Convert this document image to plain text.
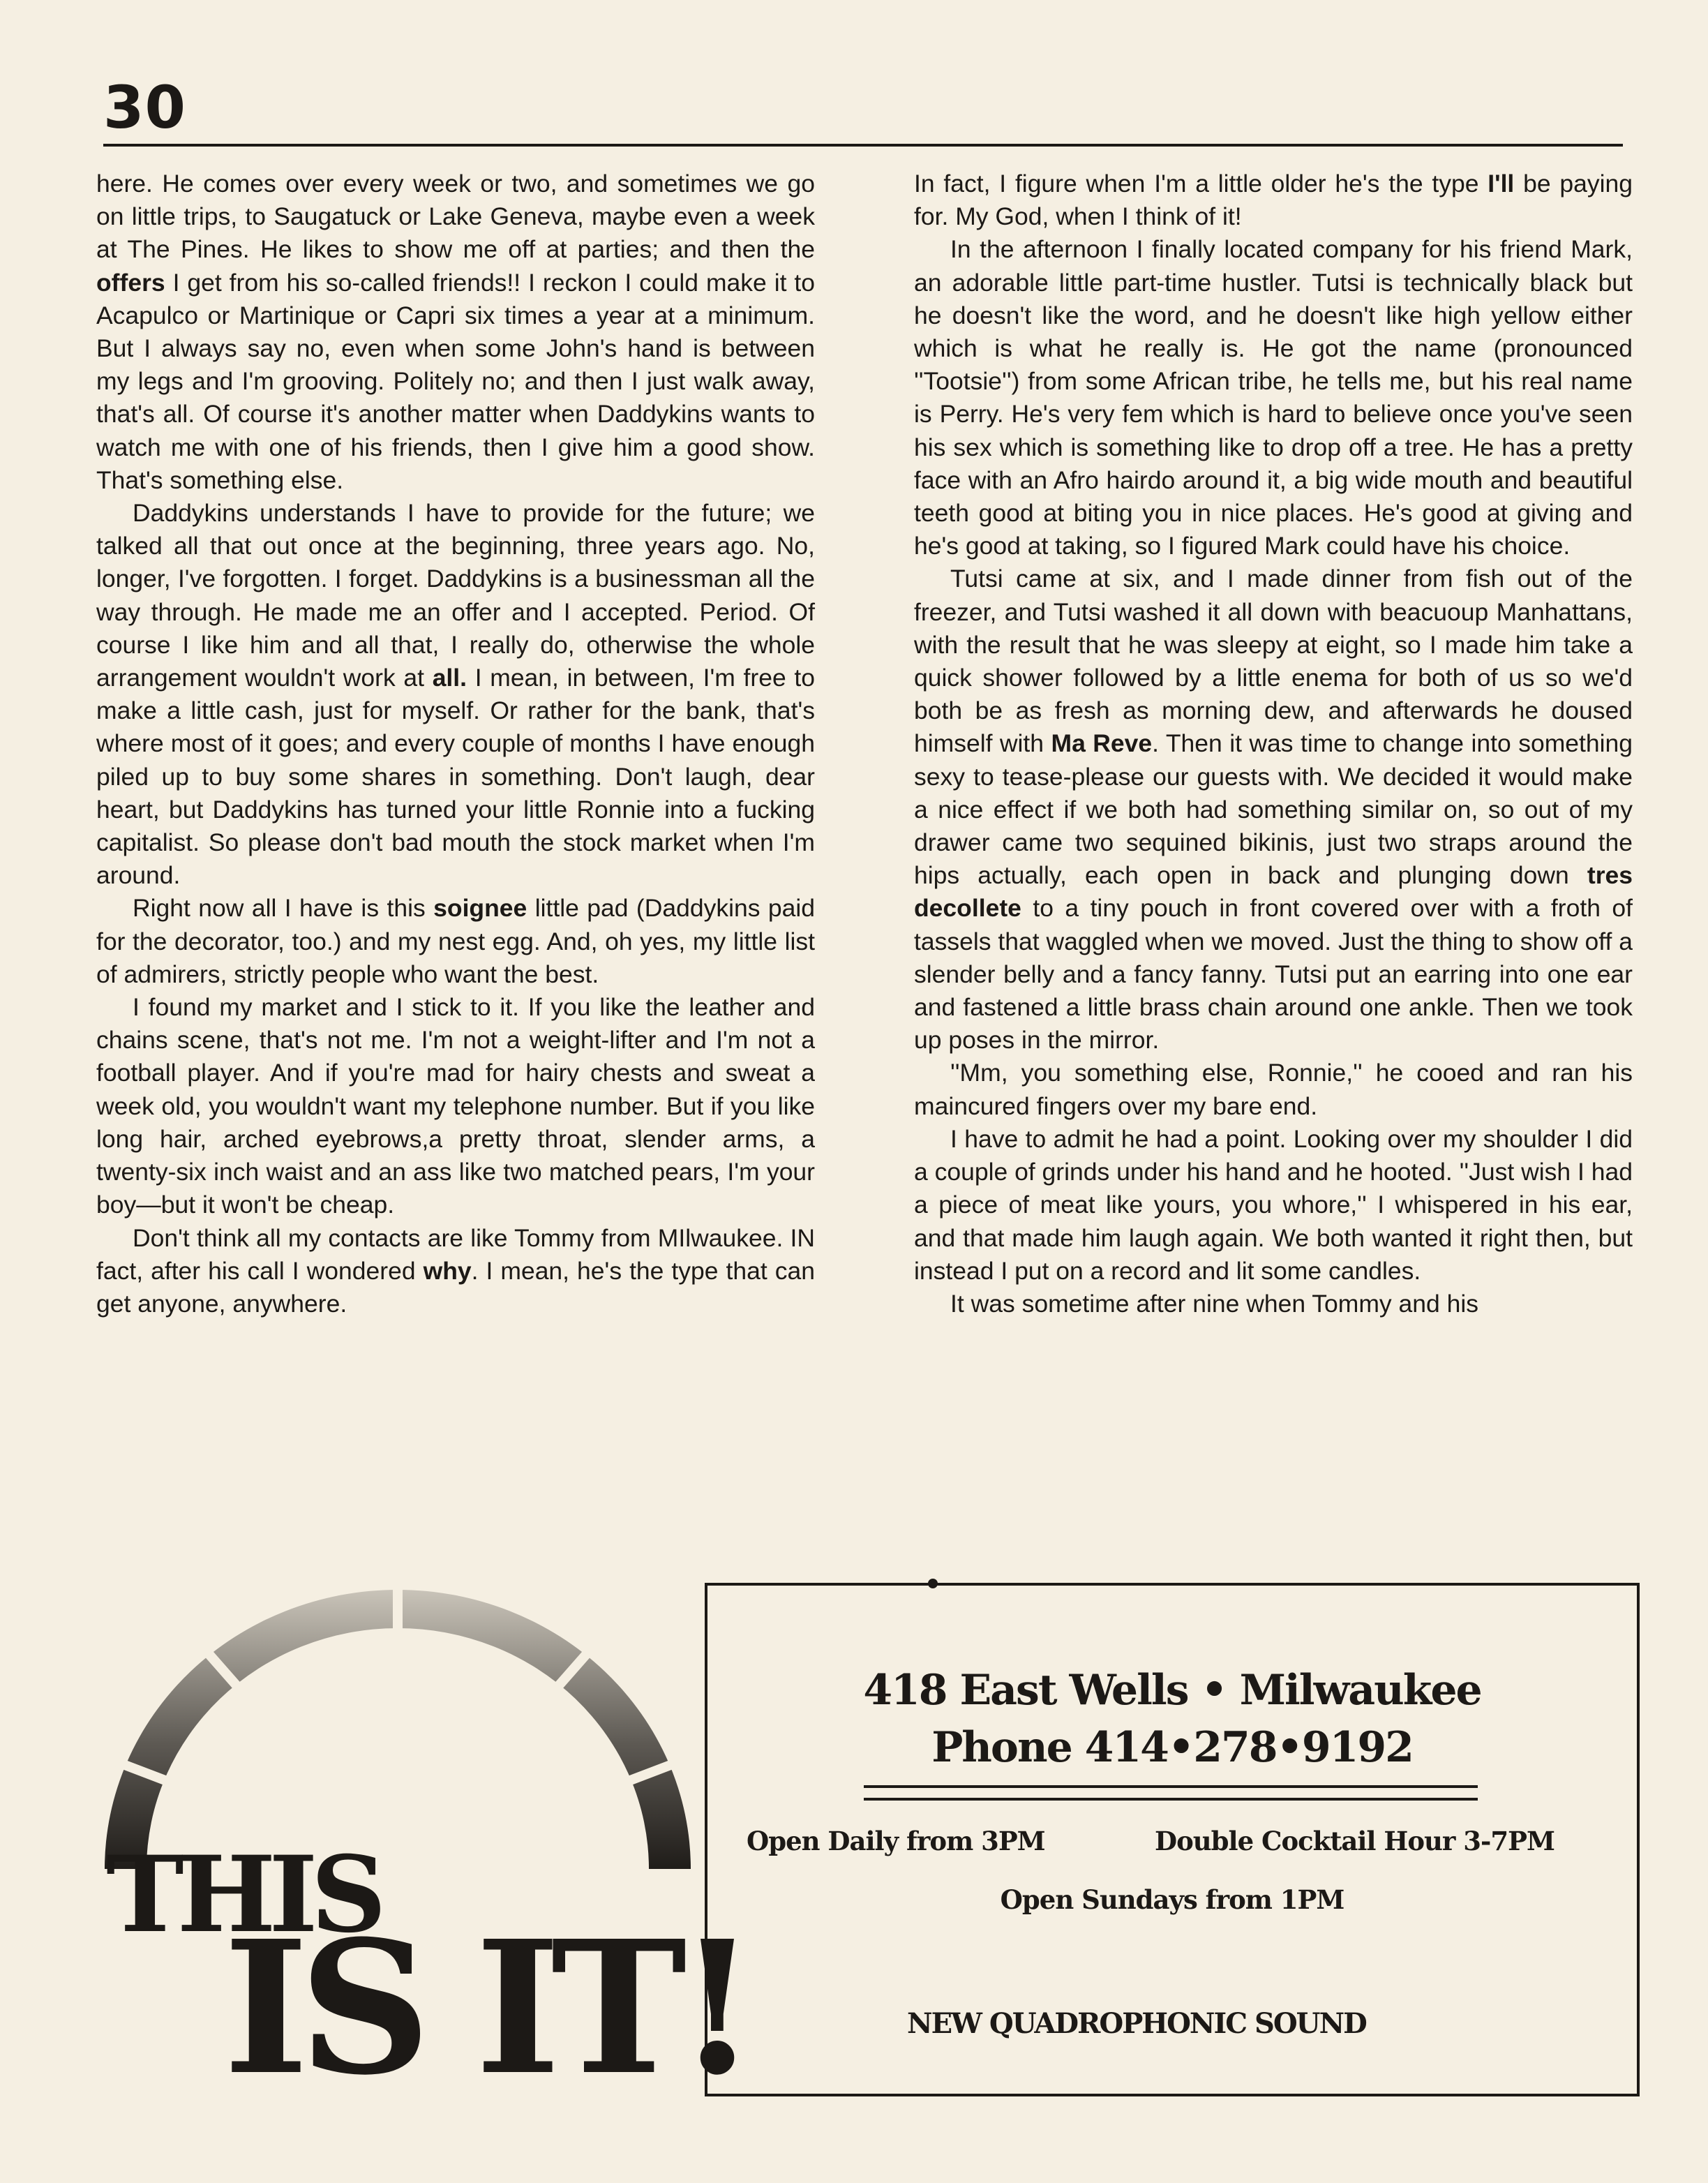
30

here. He comes over every week or two, and sometimes we go on little trips, to Saugatuck or Lake Geneva, maybe even a week at The Pines. He likes to show me off at parties; and then the offers I get from his so-called friends!! I reckon I could make it to Acapulco or Martinique or Capri six times a year at a minimum. But I always say no, even when some John's hand is between my legs and I'm grooving. Politely no; and then I just walk away, that's all. Of course it's another matter when Daddykins wants to watch me with one of his friends, then I give him a good show. That's something else.

Daddykins understands I have to provide for the future; we talked all that out once at the beginning, three years ago. No, longer, I've forgotten. I forget. Daddykins is a businessman all the way through. He made me an offer and I accepted. Period. Of course I like him and all that, I really do, otherwise the whole arrangement wouldn't work at all. I mean, in between, I'm free to make a little cash, just for myself. Or rather for the bank, that's where most of it goes; and every couple of months I have enough piled up to buy some shares in something. Don't laugh, dear heart, but Daddykins has turned your little Ronnie into a fucking capitalist. So please don't bad mouth the stock market when I'm around.

Right now all I have is this soignee little pad (Daddykins paid for the decorator, too.) and my nest egg. And, oh yes, my little list of admirers, strictly people who want the best.

I found my market and I stick to it. If you like the leather and chains scene, that's not me. I'm not a weight-lifter and I'm not a football player. And if you're mad for hairy chests and sweat a week old, you wouldn't want my telephone number. But if you like long hair, arched eyebrows,a pretty throat, slender arms, a twenty-six inch waist and an ass like two matched pears, I'm your boy—but it won't be cheap.

Don't think all my contacts are like Tommy from MIlwaukee. IN fact, after his call I wondered why. I mean, he's the type that can get anyone, anywhere.

In fact, I figure when I'm a little older he's the type I'll be paying for. My God, when I think of it!

In the afternoon I finally located company for his friend Mark, an adorable little part-time hustler. Tutsi is technically black but he doesn't like the word, and he doesn't like high yellow either which is what he really is. He got the name (pronounced ''Tootsie'') from some African tribe, he tells me, but his real name is Perry. He's very fem which is hard to believe once you've seen his sex which is something like to drop off a tree. He has a pretty face with an Afro hairdo around it, a big wide mouth and beautiful teeth good at biting you in nice places. He's good at giving and he's good at taking, so I figured Mark could have his choice.

Tutsi came at six, and I made dinner from fish out of the freezer, and Tutsi washed it all down with beacuoup Manhattans, with the result that he was sleepy at eight, so I made him take a quick shower followed by a little enema for both of us so we'd both be as fresh as morning dew, and afterwards he doused himself with Ma Reve. Then it was time to change into something sexy to tease-please our guests with. We decided it would make a nice effect if we both had something similar on, so out of my drawer came two sequined bikinis, just two straps around the hips actually, each open in back and plunging down tres decollete to a tiny pouch in front covered over with a froth of tassels that waggled when we moved. Just the thing to show off a slender belly and a fancy fanny. Tutsi put an earring into one ear and fastened a little brass chain around one ankle. Then we took up poses in the mirror.

''Mm, you something else, Ronnie,'' he cooed and ran his maincured fingers over my bare end.

I have to admit he had a point. Looking over my shoulder I did a couple of grinds under his hand and he hooted. ''Just wish I had a piece of meat like yours, you whore,'' I whispered in his ear, and that made him laugh again. We both wanted it right then, but instead I put on a record and lit some candles.

It was sometime after nine when Tommy and his

THIS
IS IT!
418 East Wells • Milwaukee
Phone 414•278•9192
Open Daily from 3PM	Double Cocktail Hour 3-7PM
Open Sundays from 1PM
NEW QUADROPHONIC SOUND
